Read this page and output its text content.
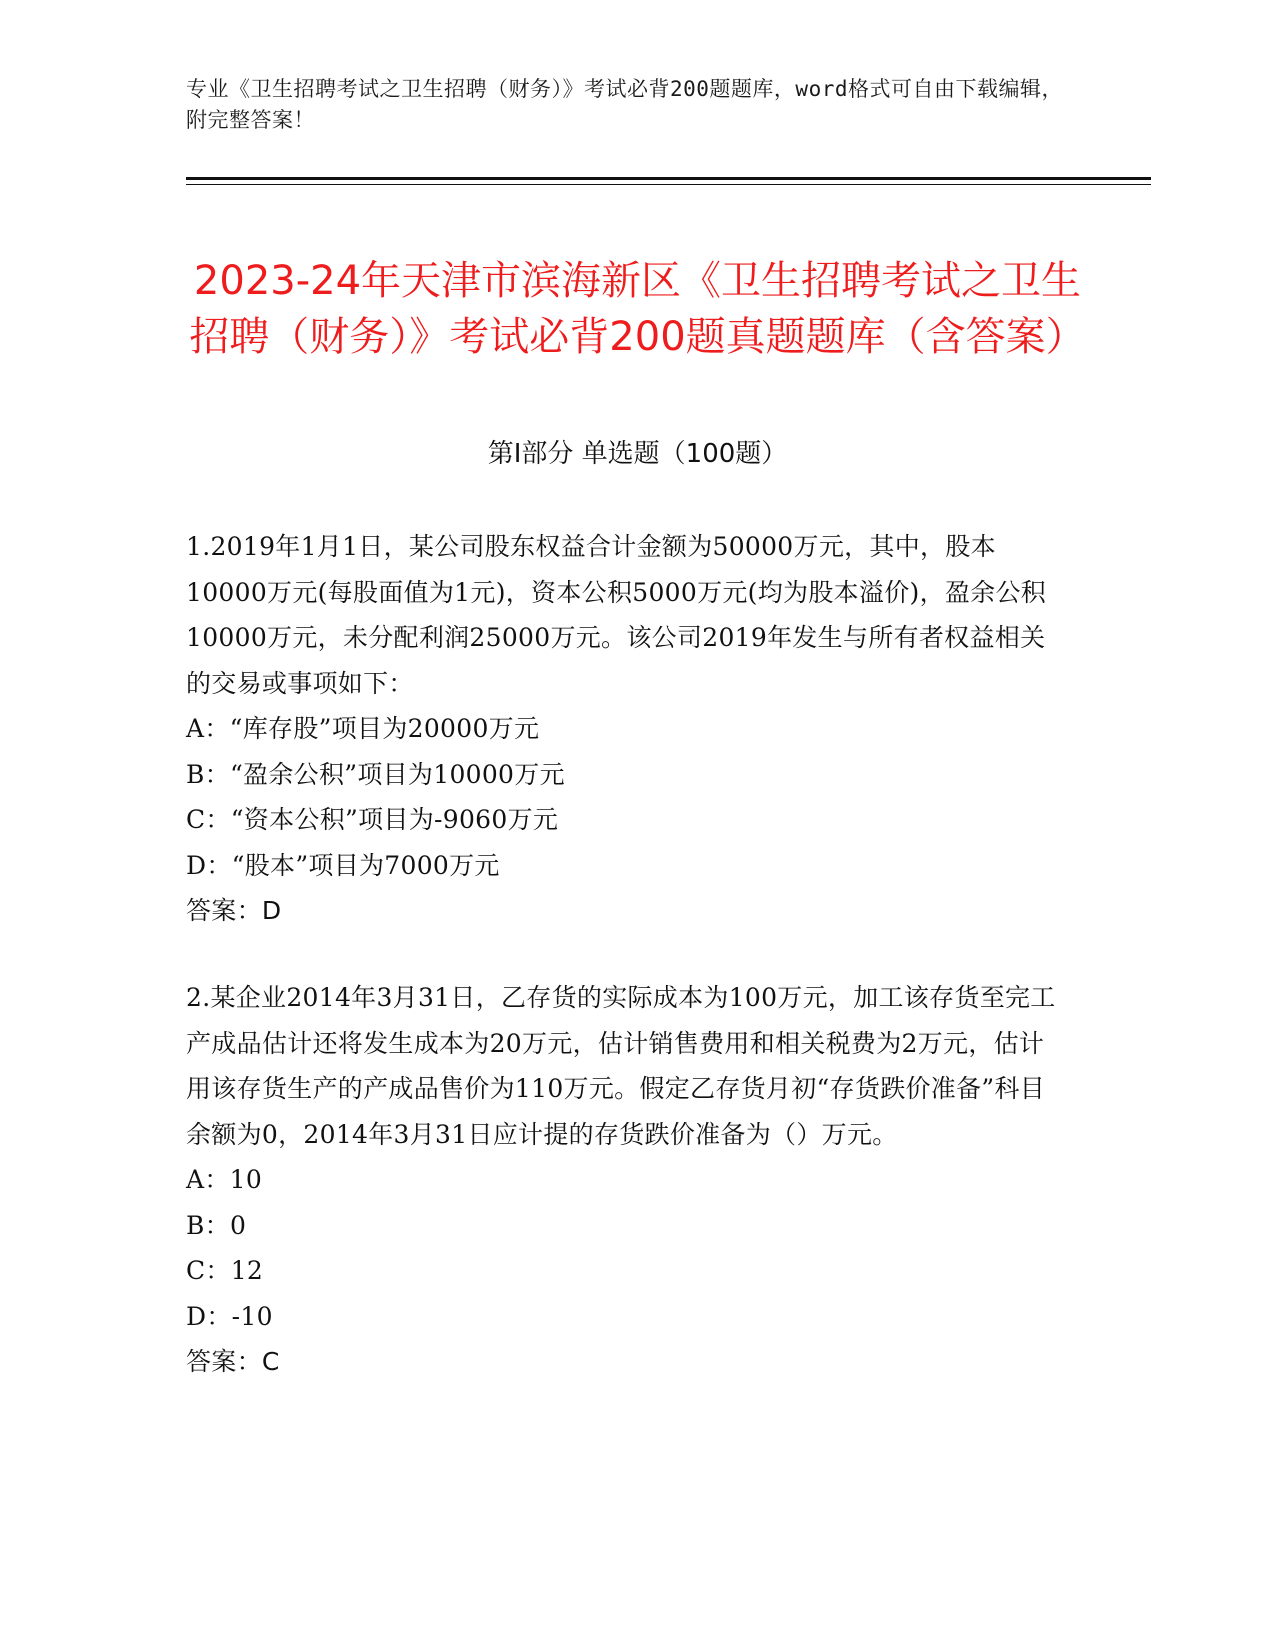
专业《卫生招聘考试之卫生招聘（财务）》考试必背200题题库，word格式可自由下载编辑，附完整答案！
2023-24年天津市滨海新区《卫生招聘考试之卫生招聘（财务）》考试必背200题真题题库（含答案）
第Ⅰ部分 单选题（100题）

1.2019年1月1日，某公司股东权益合计金额为50000万元，其中，股本10000万元(每股面值为1元)，资本公积5000万元(均为股本溢价)，盈余公积10000万元，未分配利润25000万元。该公司2019年发生与所有者权益相关的交易或事项如下：

A：“库存股”项目为20000万元

B：“盈余公积”项目为10000万元

C：“资本公积”项目为-9060万元

D：“股本”项目为7000万元

答案：D

2.某企业2014年3月31日，乙存货的实际成本为100万元，加工该存货至完工产成品估计还将发生成本为20万元，估计销售费用和相关税费为2万元，估计用该存货生产的产成品售价为110万元。假定乙存货月初“存货跌价准备”科目余额为0，2014年3月31日应计提的存货跌价准备为（）万元。

A：10

B：0

C：12

D：-10

答案：C
